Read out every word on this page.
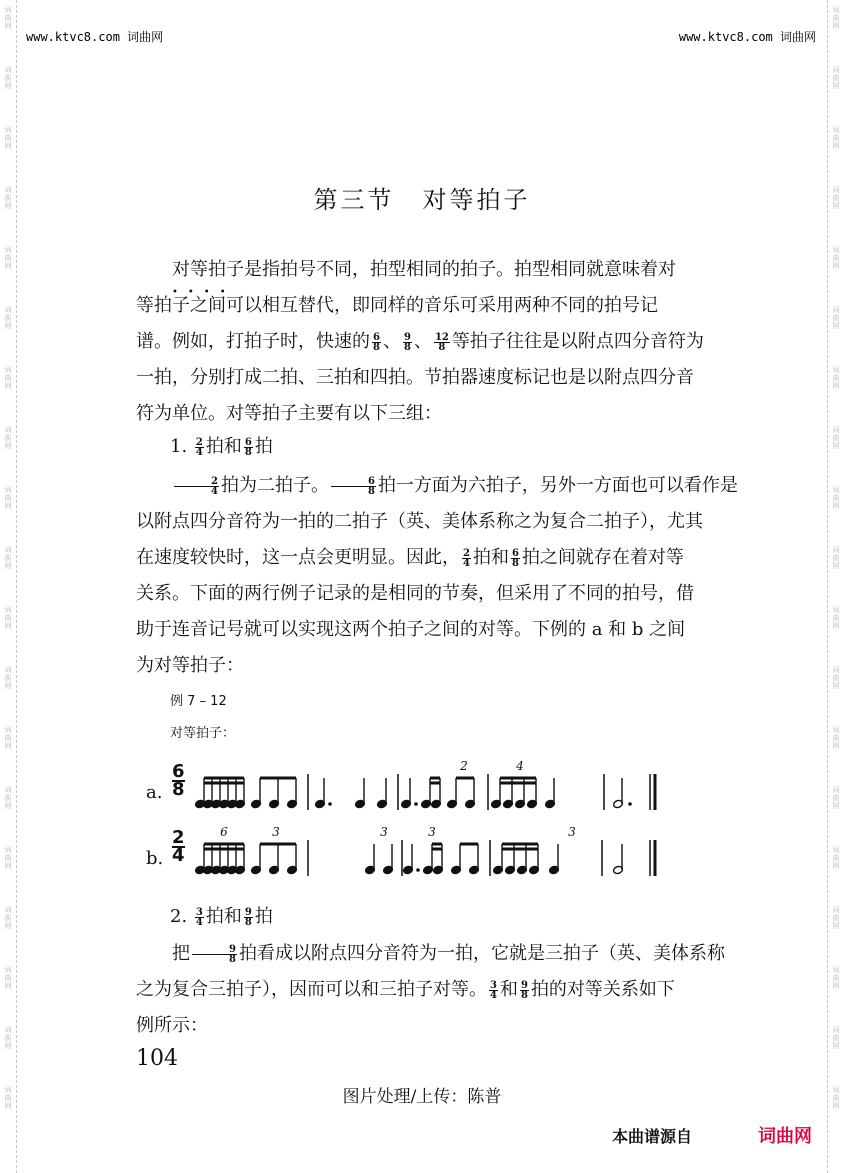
词
曲
网
词
曲
网
词
曲
网
词
曲
网
词
曲
网
词
曲
网
词
曲
网
词
曲
网
词
曲
网
词
曲
网
词
曲
网
词
曲
网
词
曲
网
词
曲
网
词
曲
网
词
曲
网
词
曲
网
词
曲
网
词
曲
网
词
曲
网
词
曲
网
词
曲
网
词
曲
网
词
曲
网
词
曲
网
词
曲
网
词
曲
网
词
曲
网
词
曲
网
词
曲
网
词
曲
网
词
曲
网
词
曲
网
词
曲
网
词
曲
网
词
曲
网
词
曲
网
词
曲
网
www.ktvc8.com 词曲网	www.ktvc8.com 词曲网
第三节 对等拍子

对等拍子
••••
是指拍号不同，拍型相同的拍子。拍型相同就意味着对

等拍子之间可以相互替代，即同样的音乐可采用两种不同的拍号记

谱。例如，打拍子时，快速的 $\frac{6}{8}$ 、 $\frac{9}{8}$ 、 $\frac{12}{8}$ 等拍子往往是以附点四分音符为

一拍，分别打成二拍、三拍和四拍。节拍器速度标记也是以附点四分音

符为单位。对等拍子主要有以下三组：

1. $\frac{2}{4}$ 拍和 $\frac{6}{8}$ 拍

$\frac{2}{4}$ 拍为二拍子。 $\frac{6}{8}$ 拍一方面为六拍子，另外一方面也可以看作是

以附点四分音符为一拍的二拍子（英、美体系称之为复合二拍子），尤其

在速度较快时，这一点会更明显。因此， $\frac{2}{4}$ 拍和 $\frac{6}{8}$ 拍之间就存在着对等

关系。下面的两行例子记录的是相同的节奏，但采用了不同的拍号，借

助于连音记号就可以实现这两个拍子之间的对等。下例的 a 和 b 之间

为对等拍子：

例 7 – 12
对等拍子：
a.
6
8
2	4
b.
2
4
6	3	3	3	3
2. $\frac{3}{4}$ 拍和 $\frac{9}{8}$ 拍

把 $\frac{9}{8}$ 拍看成以附点四分音符为一拍，它就是三拍子（英、美体系称

之为复合三拍子），因而可以和三拍子对等。 $\frac{3}{4}$ 和 $\frac{9}{8}$ 拍的对等关系如下

例所示：

104
图片处理/上传：陈普
本曲谱源自	词曲网
